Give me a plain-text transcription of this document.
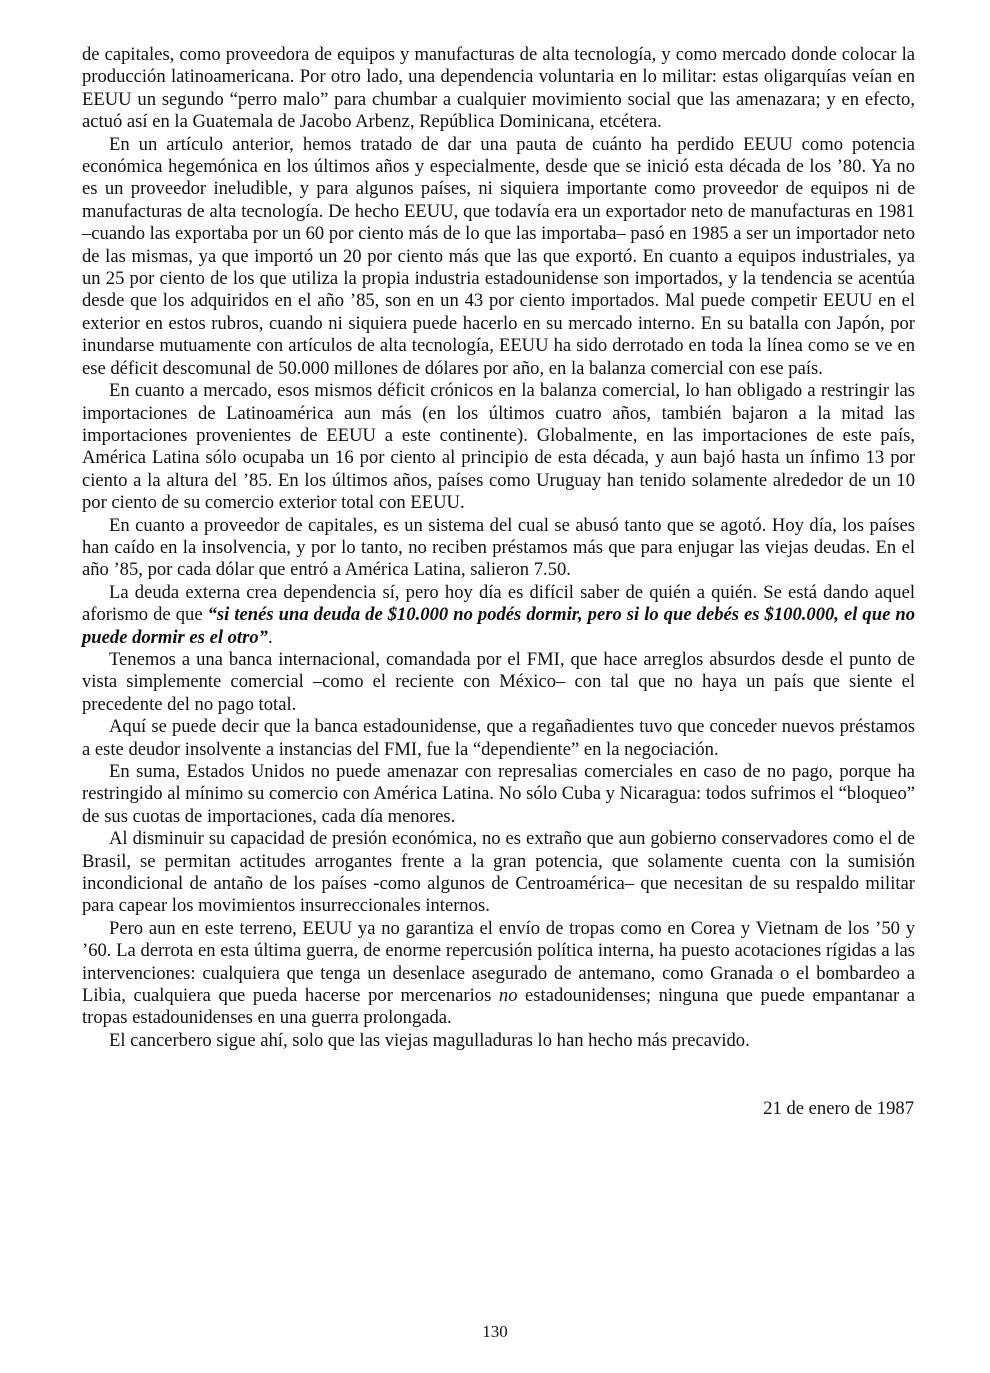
de capitales, como proveedora de equipos y manufacturas de alta tecnología, y como mercado donde colocar la producción latinoamericana. Por otro lado, una dependencia voluntaria en lo militar: estas oligarquías veían en EEUU un segundo “perro malo” para chumbar a cualquier movimiento social que las amenazara; y en efecto, actuó así en la Guatemala de Jacobo Arbenz, República Dominicana, etcétera.

En un artículo anterior, hemos tratado de dar una pauta de cuánto ha perdido EEUU como potencia económica hegemónica en los últimos años y especialmente, desde que se inició esta década de los ’80. Ya no es un proveedor ineludible, y para algunos países, ni siquiera importante como proveedor de equipos ni de manufacturas de alta tecnología. De hecho EEUU, que todavía era un exportador neto de manufacturas en 1981 –cuando las exportaba por un 60 por ciento más de lo que las importaba– pasó en 1985 a ser un importador neto de las mismas, ya que importó un 20 por ciento más que las que exportó. En cuanto a equipos industriales, ya un 25 por ciento de los que utiliza la propia industria estadounidense son importados, y la tendencia se acentúa desde que los adquiridos en el año ’85, son en un 43 por ciento importados. Mal puede competir EEUU en el exterior en estos rubros, cuando ni siquiera puede hacerlo en su mercado interno. En su batalla con Japón, por inundarse mutuamente con artículos de alta tecnología, EEUU ha sido derrotado en toda la línea como se ve en ese déficit descomunal de 50.000 millones de dólares por año, en la balanza comercial con ese país.

En cuanto a mercado, esos mismos déficit crónicos en la balanza comercial, lo han obligado a restringir las importaciones de Latinoamérica aun más (en los últimos cuatro años, también bajaron a la mitad las importaciones provenientes de EEUU a este continente). Globalmente, en las importaciones de este país, América Latina sólo ocupaba un 16 por ciento al principio de esta década, y aun bajó hasta un ínfimo 13 por ciento a la altura del ’85. En los últimos años, países como Uruguay han tenido solamente alrededor de un 10 por ciento de su comercio exterior total con EEUU.

En cuanto a proveedor de capitales, es un sistema del cual se abusó tanto que se agotó. Hoy día, los países han caído en la insolvencia, y por lo tanto, no reciben préstamos más que para enjugar las viejas deudas. En el año ’85, por cada dólar que entró a América Latina, salieron 7.50.

La deuda externa crea dependencia sí, pero hoy día es difícil saber de quién a quién. Se está dando aquel aforismo de que “si tenés una deuda de $10.000 no podés dormir, pero si lo que debés es $100.000, el que no puede dormir es el otro”.

Tenemos a una banca internacional, comandada por el FMI, que hace arreglos absurdos desde el punto de vista simplemente comercial –como el reciente con México– con tal que no haya un país que siente el precedente del no pago total.

Aquí se puede decir que la banca estadounidense, que a regañadientes tuvo que conceder nuevos préstamos a este deudor insolvente a instancias del FMI, fue la “dependiente” en la negociación.

En suma, Estados Unidos no puede amenazar con represalias comerciales en caso de no pago, porque ha restringido al mínimo su comercio con América Latina. No sólo Cuba y Nicaragua: todos sufrimos el “bloqueo” de sus cuotas de importaciones, cada día menores.

Al disminuir su capacidad de presión económica, no es extraño que aun gobierno conservadores como el de Brasil, se permitan actitudes arrogantes frente a la gran potencia, que solamente cuenta con la sumisión incondicional de antaño de los países -como algunos de Centroamérica– que necesitan de su respaldo militar para capear los movimientos insurreccionales internos.

Pero aun en este terreno, EEUU ya no garantiza el envío de tropas como en Corea y Vietnam de los ’50 y ’60. La derrota en esta última guerra, de enorme repercusión política interna, ha puesto acotaciones rígidas a las intervenciones: cualquiera que tenga un desenlace asegurado de antemano, como Granada o el bombardeo a Libia, cualquiera que pueda hacerse por mercenarios no estadounidenses; ninguna que puede empantanar a tropas estadounidenses en una guerra prolongada.

El cancerbero sigue ahí, solo que las viejas magulladuras lo han hecho más precavido.

21 de enero de 1987
130
